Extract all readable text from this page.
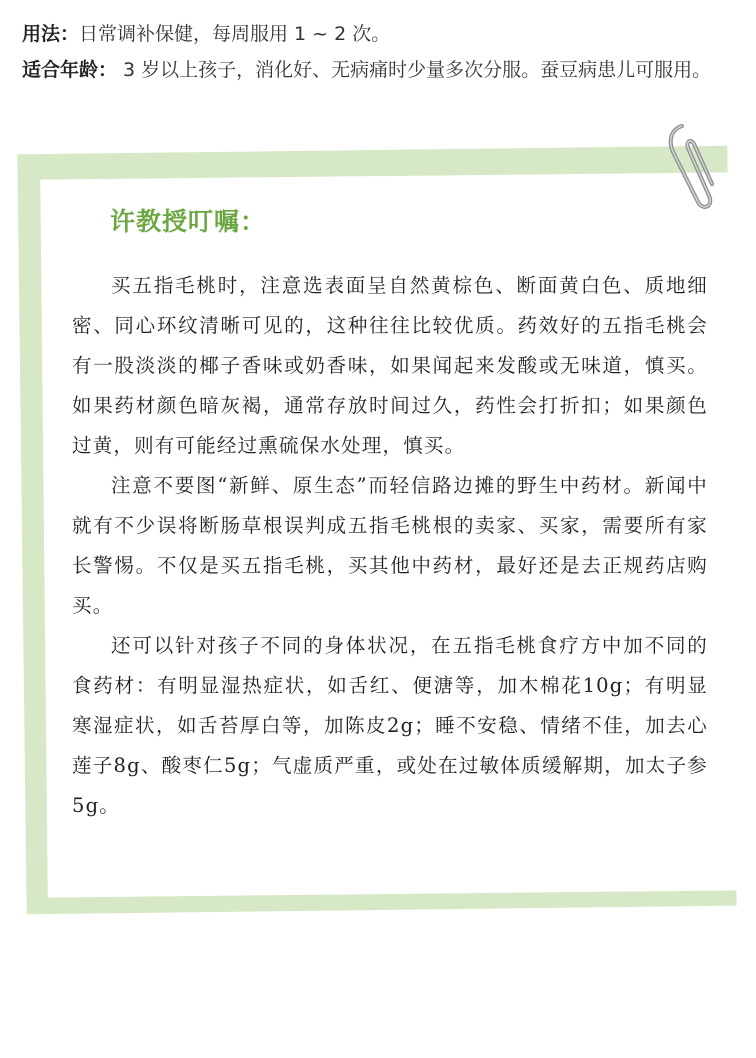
用法：日常调补保健，每周服用 1 ~ 2 次。

适合年龄： 3 岁以上孩子，消化好、无病痛时少量多次分服。蚕豆病患儿可服用。

许教授叮嘱：

买五指毛桃时，注意选表面呈自然黄棕色、断面黄白色、质地细密、同心环纹清晰可见的，这种往往比较优质。药效好的五指毛桃会有一股淡淡的椰子香味或奶香味，如果闻起来发酸或无味道，慎买。如果药材颜色暗灰褐，通常存放时间过久，药性会打折扣；如果颜色过黄，则有可能经过熏硫保水处理，慎买。

注意不要图“新鲜、原生态”而轻信路边摊的野生中药材。新闻中就有不少误将断肠草根误判成五指毛桃根的卖家、买家，需要所有家长警惕。不仅是买五指毛桃，买其他中药材，最好还是去正规药店购买。

还可以针对孩子不同的身体状况，在五指毛桃食疗方中加不同的食药材：有明显湿热症状，如舌红、便溏等，加木棉花10g；有明显寒湿症状，如舌苔厚白等，加陈皮2g；睡不安稳、情绪不佳，加去心莲子8g、酸枣仁5g；气虚质严重，或处在过敏体质缓解期，加太子参5g。
